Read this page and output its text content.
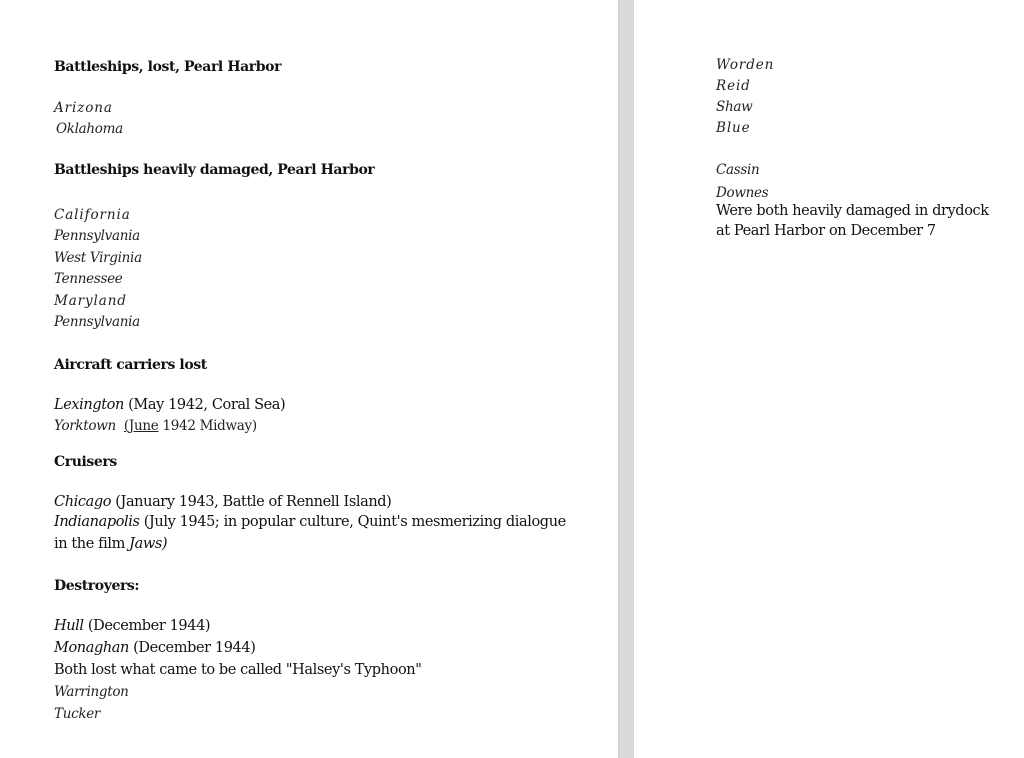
Battleships, lost, Pearl Harbor
Arizona
Oklahoma
Battleships heavily damaged, Pearl Harbor
California
Pennsylvania
West Virginia
Tennessee
Maryland
Pennsylvania
Aircraft carriers lost
Lexington (May 1942, Coral Sea)
Yorktown (June 1942 Midway)
Cruisers
Chicago (January 1943, Battle of Rennell Island)
Indianapolis (July 1945; in popular culture, Quint's mesmerizing dialogue
in the film Jaws)
Destroyers:
Hull (December 1944)
Monaghan (December 1944)
Both lost what came to be called "Halsey's Typhoon"
Warrington
Tucker
Worden
Reid
Shaw
Blue
Cassin
Downes
Were both heavily damaged in drydock
at Pearl Harbor on December 7
